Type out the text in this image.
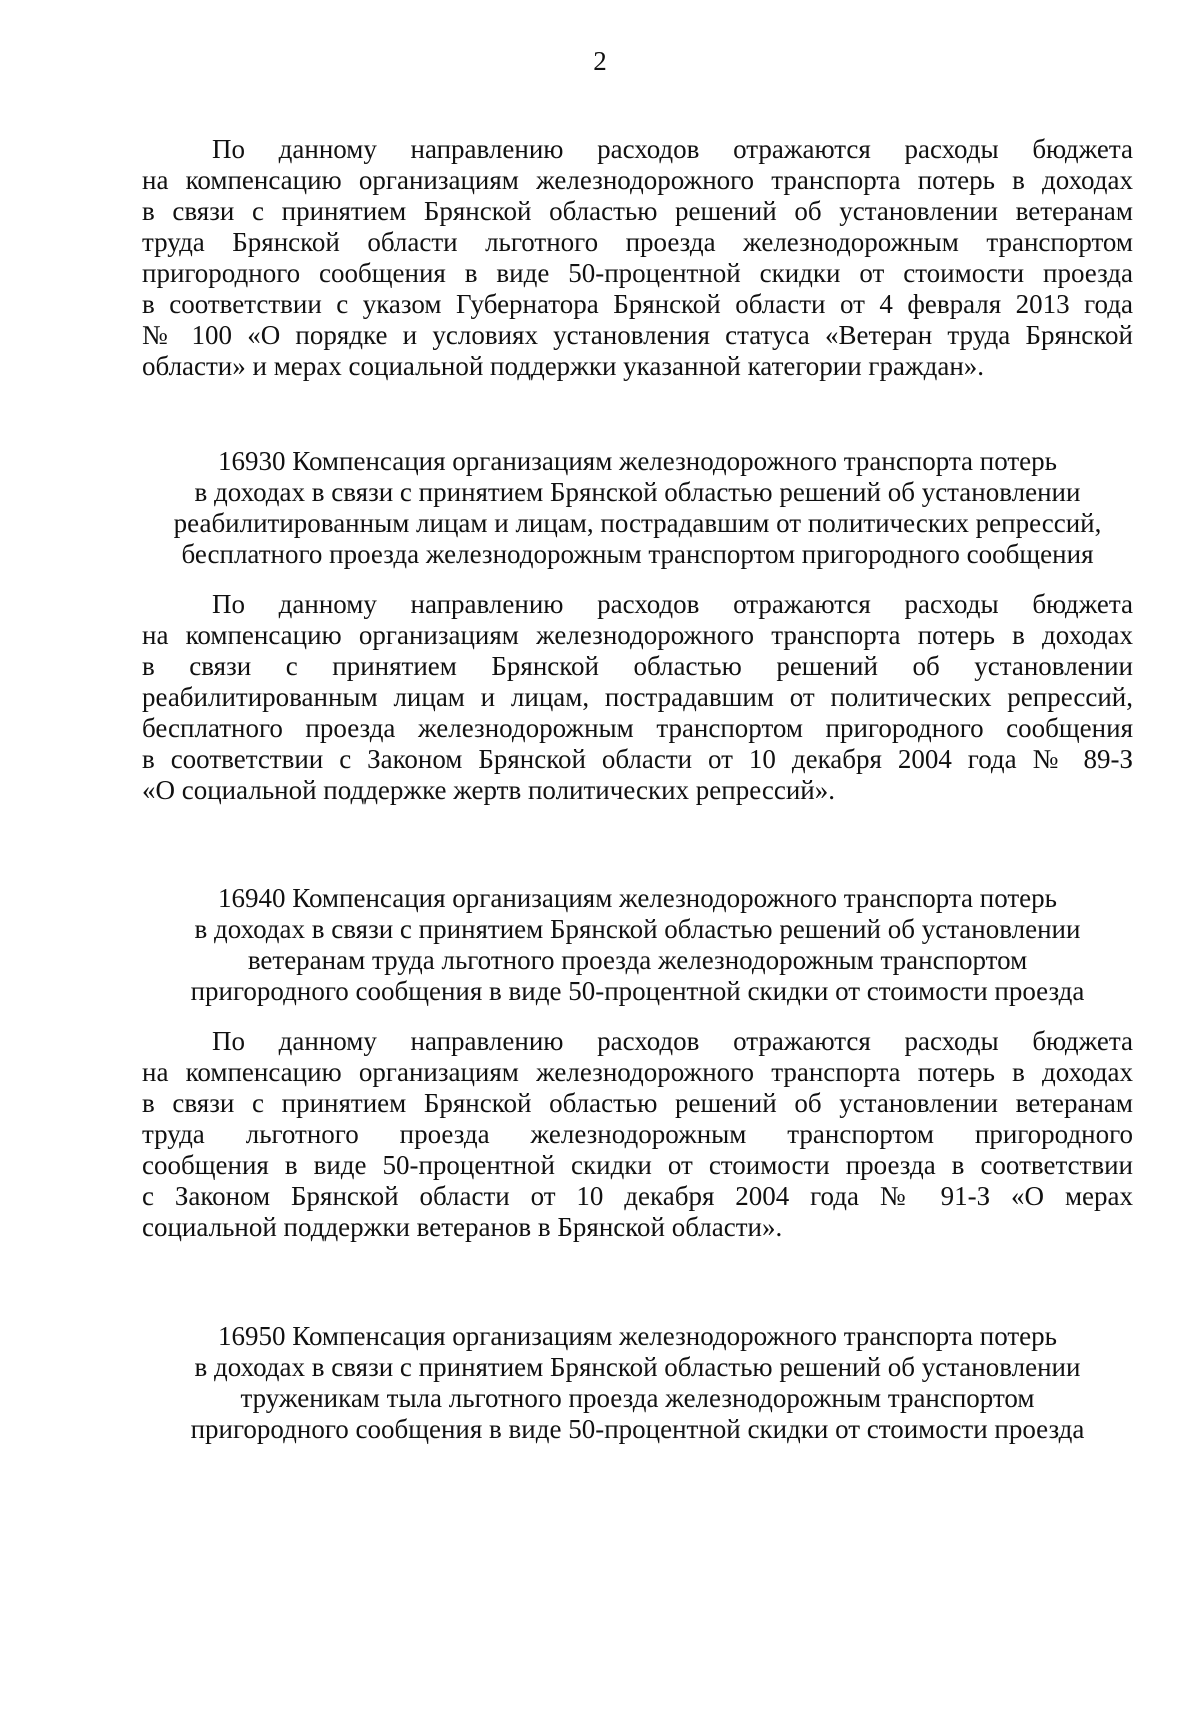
2
По данному направлению расходов отражаются расходы бюджета
на компенсацию организациям железнодорожного транспорта потерь в доходах
в связи с принятием Брянской областью решений об установлении ветеранам
труда Брянской области льготного проезда железнодорожным транспортом
пригородного сообщения в виде 50-процентной скидки от стоимости проезда
в соответствии с указом Губернатора Брянской области от 4 февраля 2013 года
№ 100 «О порядке и условиях установления статуса «Ветеран труда Брянской
области» и мерах социальной поддержки указанной категории граждан».
16930 Компенсация организациям железнодорожного транспорта потерь
в доходах в связи с принятием Брянской областью решений об установлении
реабилитированным лицам и лицам, пострадавшим от политических репрессий,
бесплатного проезда железнодорожным транспортом пригородного сообщения
По данному направлению расходов отражаются расходы бюджета
на компенсацию организациям железнодорожного транспорта потерь в доходах
в связи с принятием Брянской областью решений об установлении
реабилитированным лицам и лицам, пострадавшим от политических репрессий,
бесплатного проезда железнодорожным транспортом пригородного сообщения
в соответствии с Законом Брянской области от 10 декабря 2004 года № 89-З
«О социальной поддержке жертв политических репрессий».
16940 Компенсация организациям железнодорожного транспорта потерь
в доходах в связи с принятием Брянской областью решений об установлении
ветеранам труда льготного проезда железнодорожным транспортом
пригородного сообщения в виде 50-процентной скидки от стоимости проезда
По данному направлению расходов отражаются расходы бюджета
на компенсацию организациям железнодорожного транспорта потерь в доходах
в связи с принятием Брянской областью решений об установлении ветеранам
труда льготного проезда железнодорожным транспортом пригородного
сообщения в виде 50-процентной скидки от стоимости проезда в соответствии
с Законом Брянской области от 10 декабря 2004 года № 91-З «О мерах
социальной поддержки ветеранов в Брянской области».
16950 Компенсация организациям железнодорожного транспорта потерь
в доходах в связи с принятием Брянской областью решений об установлении
труженикам тыла льготного проезда железнодорожным транспортом
пригородного сообщения в виде 50-процентной скидки от стоимости проезда
